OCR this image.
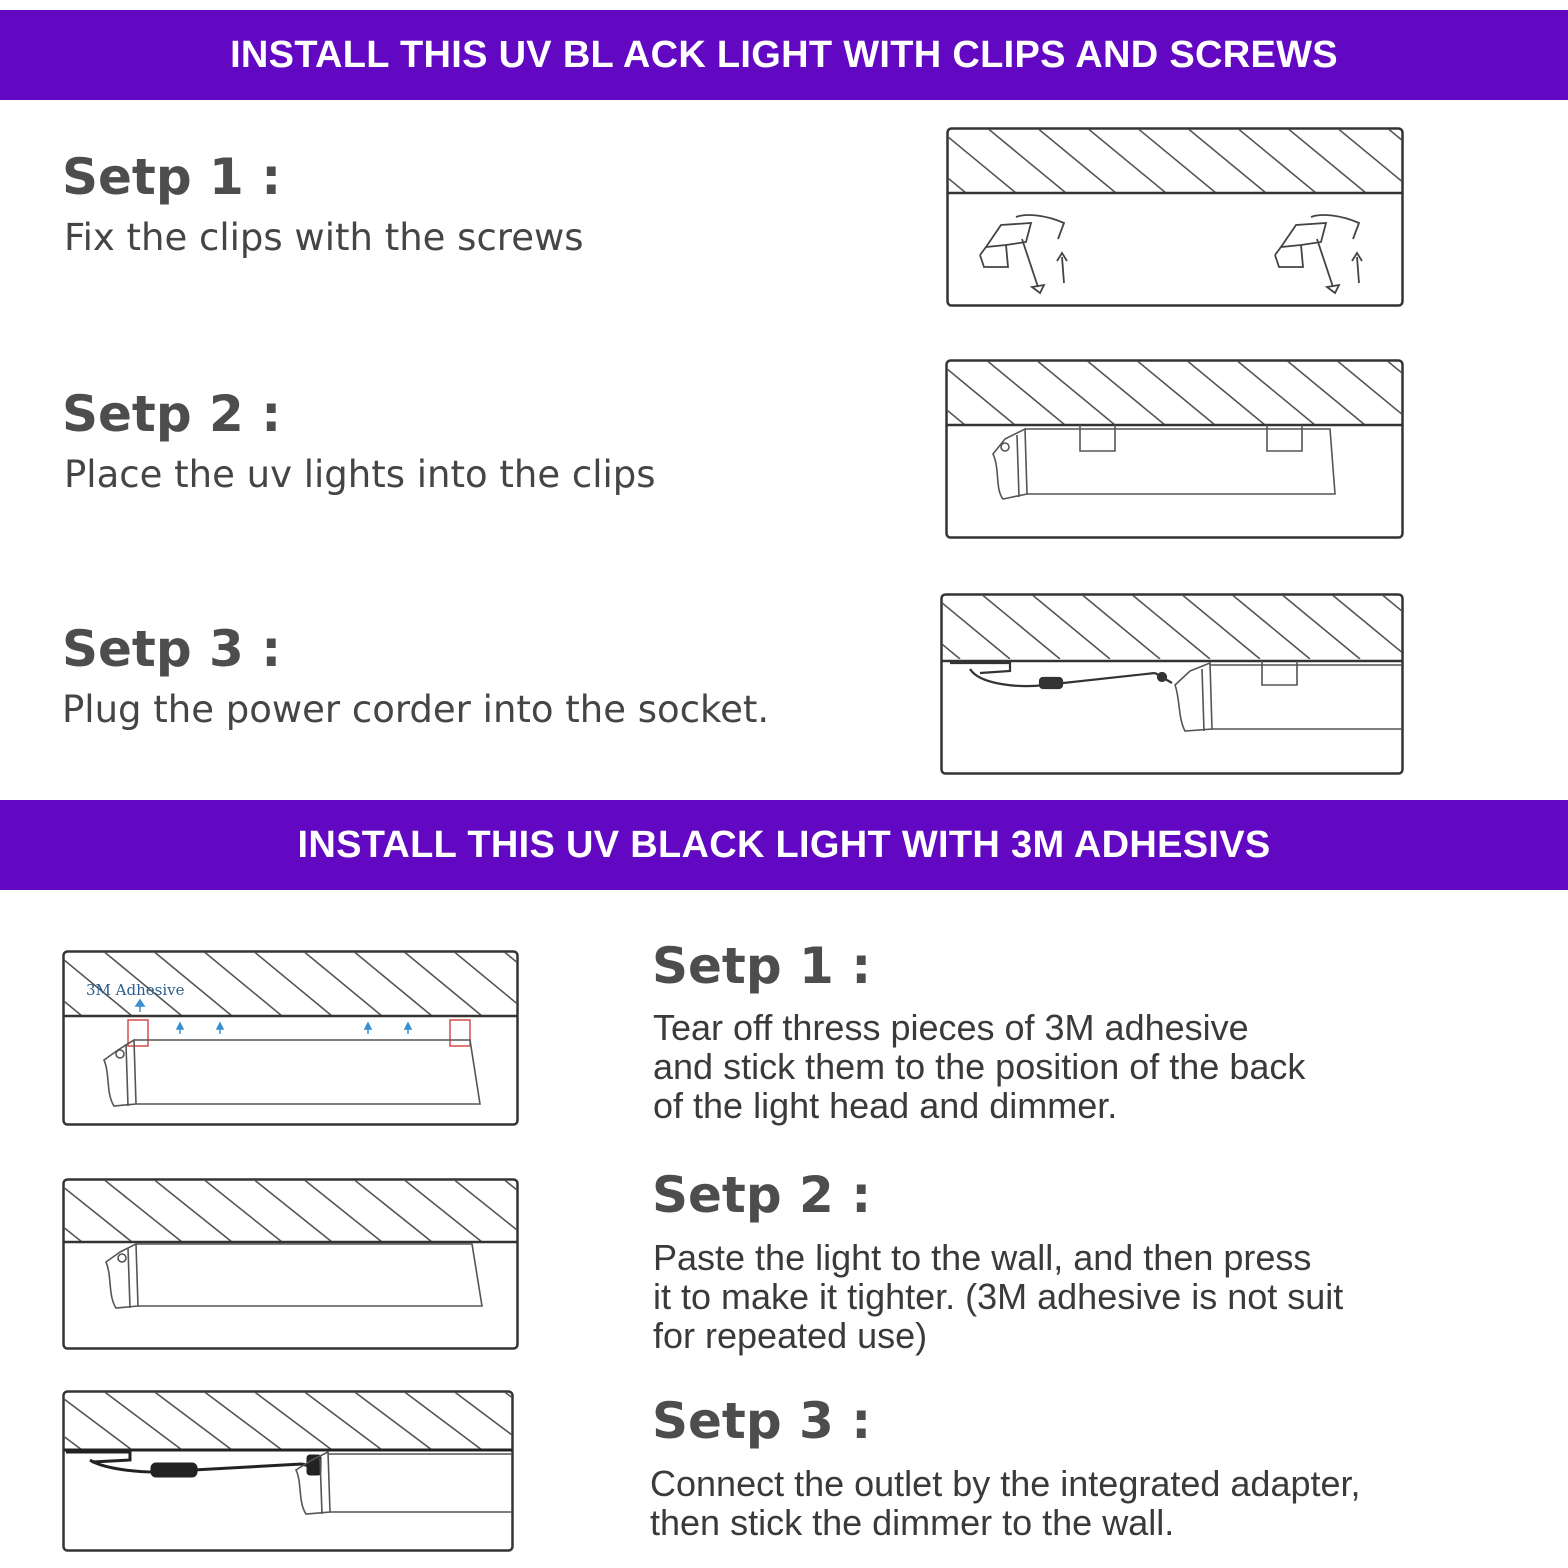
INSTALL THIS UV BL ACK LIGHT WITH CLIPS AND SCREWS
Setp 1 :
Fix the clips with the screws
Setp 2 :
Place the uv lights into the clips
Setp 3 :
Plug the power corder into the socket.
INSTALL THIS UV BLACK LIGHT WITH 3M ADHESIVS
3M Adhesive	Setp 1 :
Tear off thress pieces of 3M adhesive
and stick them to the position of the back
of the light head and dimmer.
Setp 2 :
Paste the light to the wall, and then press
it to make it tighter. (3M adhesive is not suit
for repeated use)
Setp 3 :
Connect the outlet by the integrated adapter,
then stick the dimmer to the wall.
